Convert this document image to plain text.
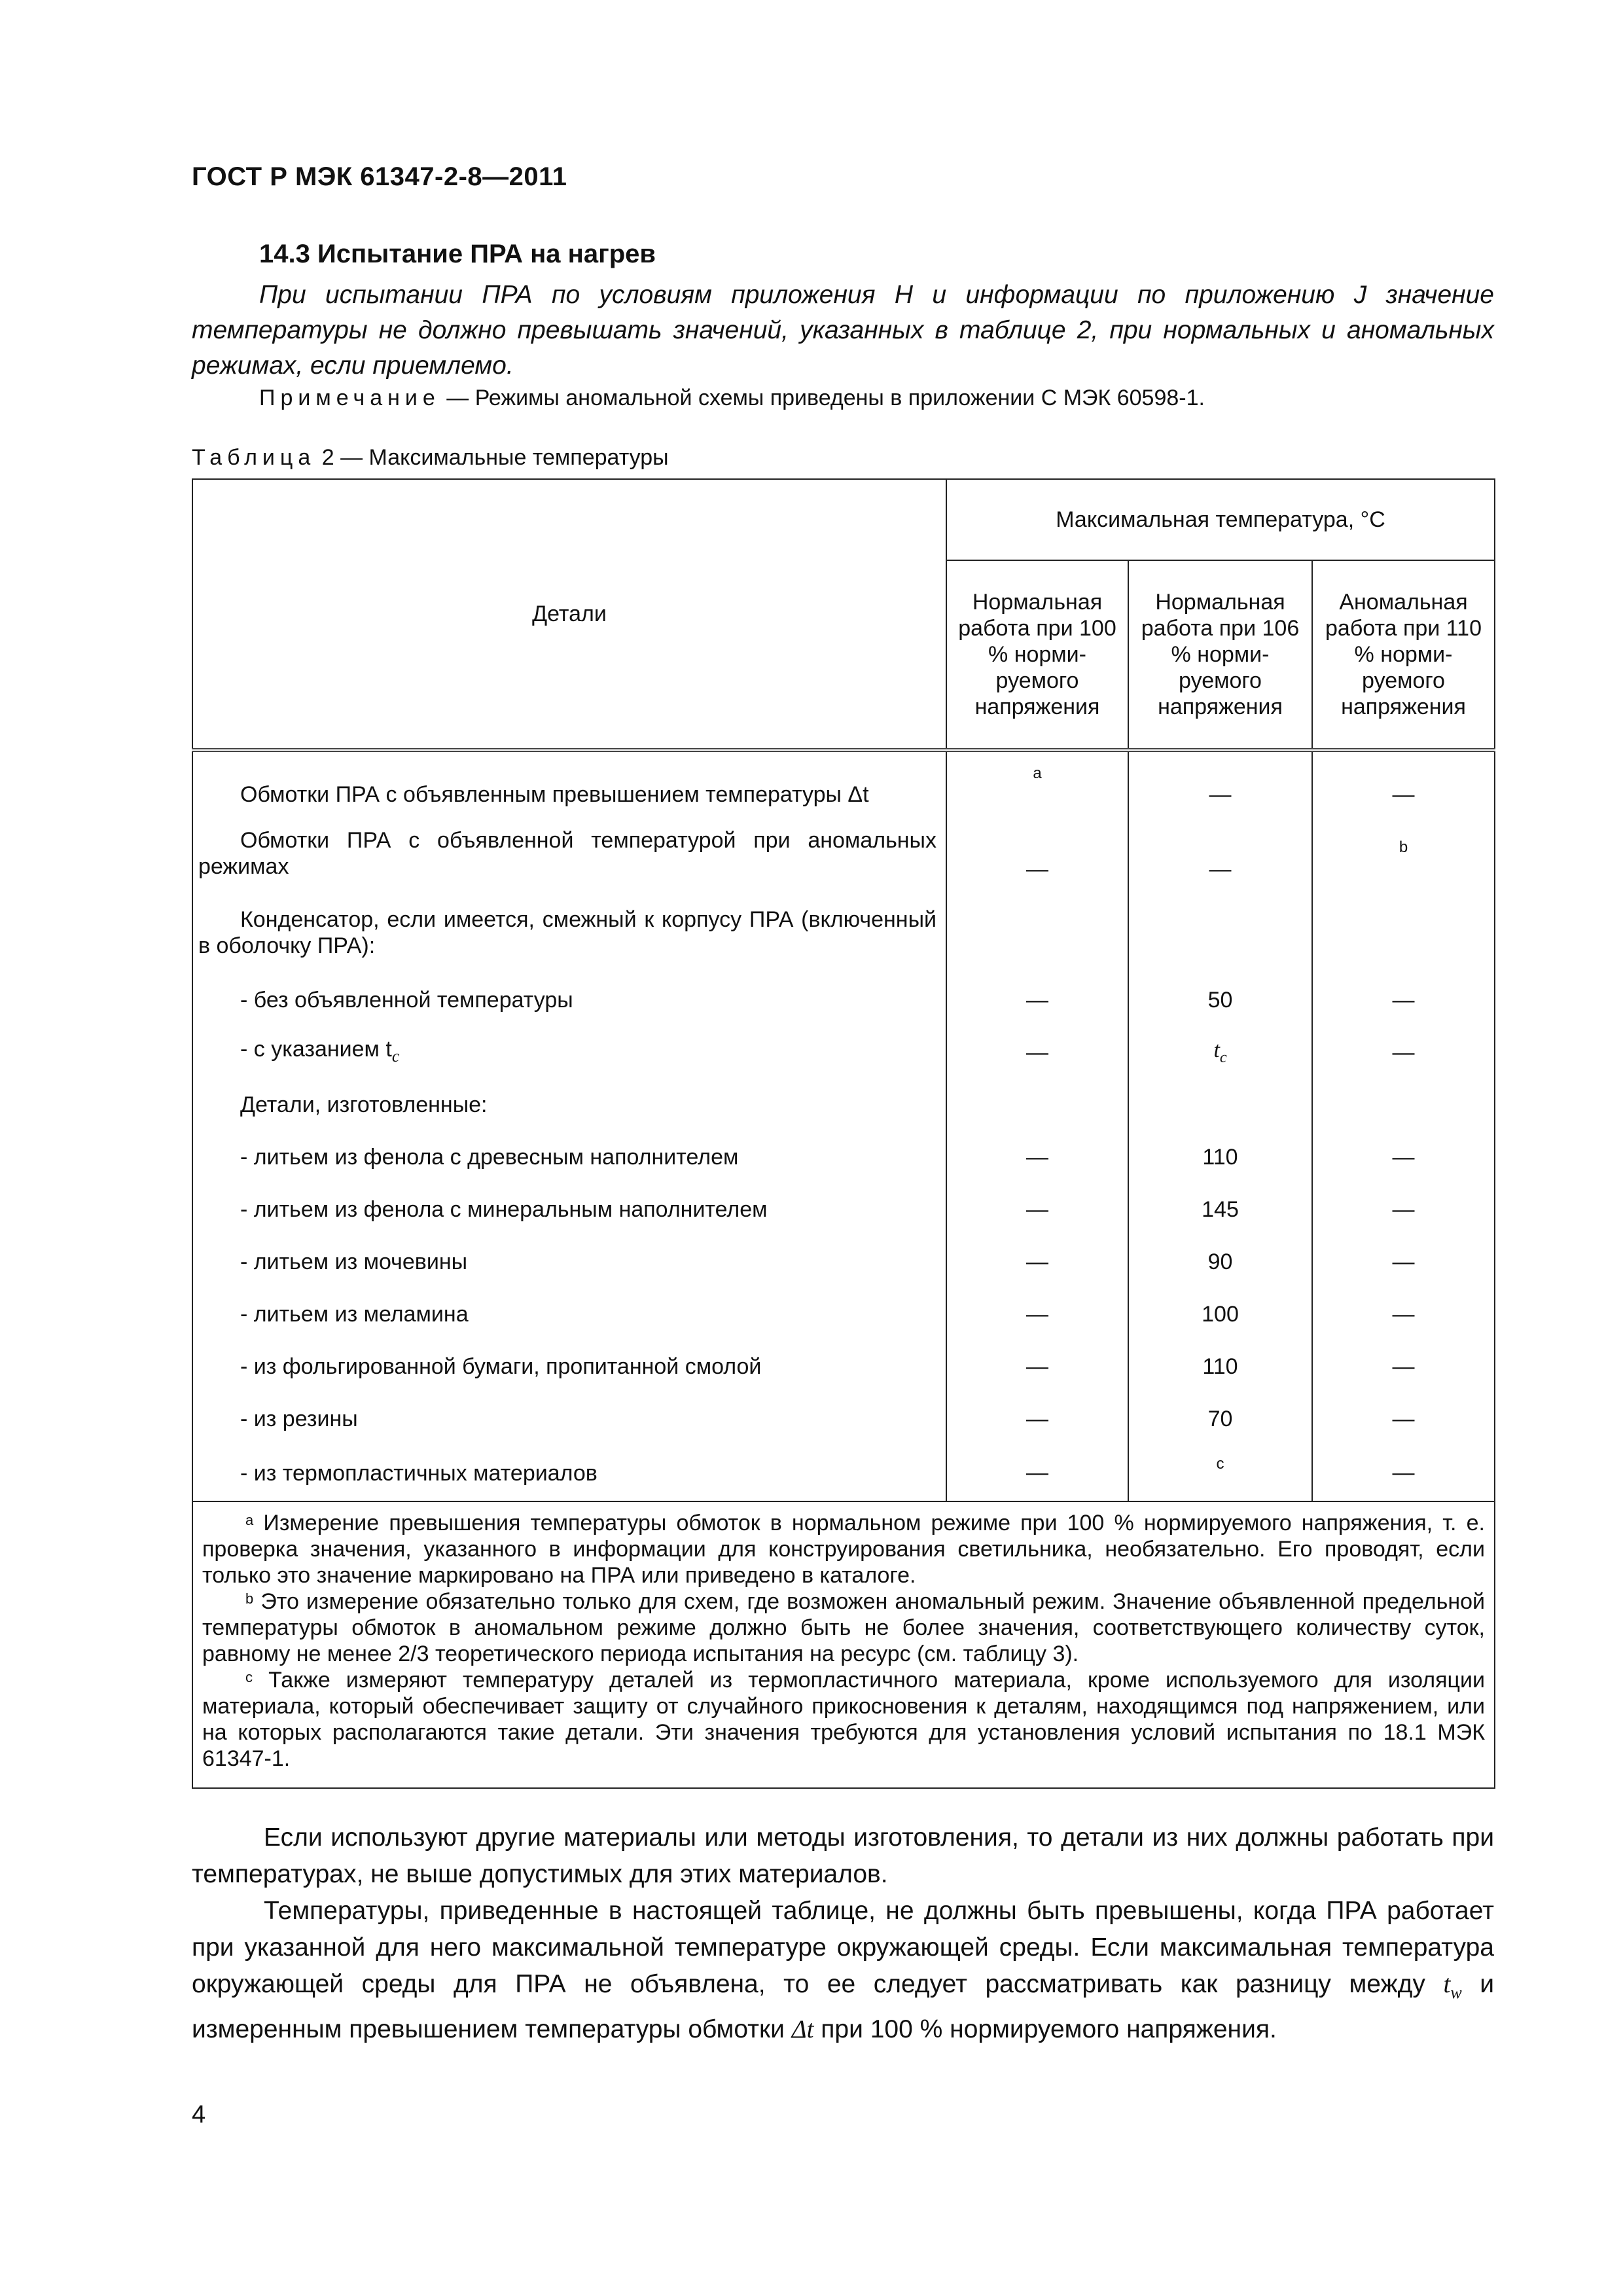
ГОСТ Р МЭК 61347-2-8—2011
14.3 Испытание ПРА на нагрев
При испытании ПРА по условиям приложения Н и информации по приложению J значение температуры не должно превышать значений, указанных в таблице 2, при нормальных и аномальных режимах, если приемлемо.
Примечание — Режимы аномальной схемы приведены в приложении С МЭК 60598-1.
Таблица 2 — Максимальные температуры
Детали	Максимальная температура, °C		
	Нормальная работа при 100 % норми- руемого напряжения	Нормальная работа при 106 % норми- руемого напряжения	Аномальная работа при 110 % норми- руемого напряжения
Обмотки ПРА с объявленным превышением температуры Δt	a	—	—
Обмотки ПРА с объявленной температурой при аномальных режимах	—	—	b
Конденсатор, если имеется, смежный к корпусу ПРА (включенный в оболочку ПРА):			
- без объявленной температуры	—	50	—
- с указанием $t_c$	—	$t_c$	—
Детали, изготовленные:			
- литьем из фенола с древесным наполнителем	—	110	—
- литьем из фенола с минеральным наполнителем	—	145	—
- литьем из мочевины	—	90	—
- литьем из меламина	—	100	—
- из фольгированной бумаги, пропитанной смолой	—	110	—
- из резины	—	70	—
- из термопластичных материалов	—	c	—

$^a$ Измерение превышения температуры обмоток в нормальном режиме при 100 % нормируемого напряжения, т. е. проверка значения, указанного в информации для конструирования светильника, необязательно. Его проводят, если только это значение маркировано на ПРА или приведено в каталоге.

$^b$ Это измерение обязательно только для схем, где возможен аномальный режим. Значение объявленной предельной температуры обмоток в аномальном режиме должно быть не более значения, соответствующего количеству суток, равному не менее 2/3 теоретического периода испытания на ресурс (см. таблицу 3).

$^c$ Также измеряют температуру деталей из термопластичного материала, кроме используемого для изоляции материала, который обеспечивает защиту от случайного прикосновения к деталям, находящимся под напряжением, или на которых располагаются такие детали. Эти значения требуются для установления условий испытания по 18.1 МЭК 61347-1.			

Если используют другие материалы или методы изготовления, то детали из них должны работать при температурах, не выше допустимых для этих материалов.

Температуры, приведенные в настоящей таблице, не должны быть превышены, когда ПРА работает при указанной для него максимальной температуре окружающей среды. Если максимальная температура окружающей среды для ПРА не объявлена, то ее следует рассматривать как разницу между $t_w$ и измеренным превышением температуры обмотки Δt при 100 % нормируемого напряжения.

4
